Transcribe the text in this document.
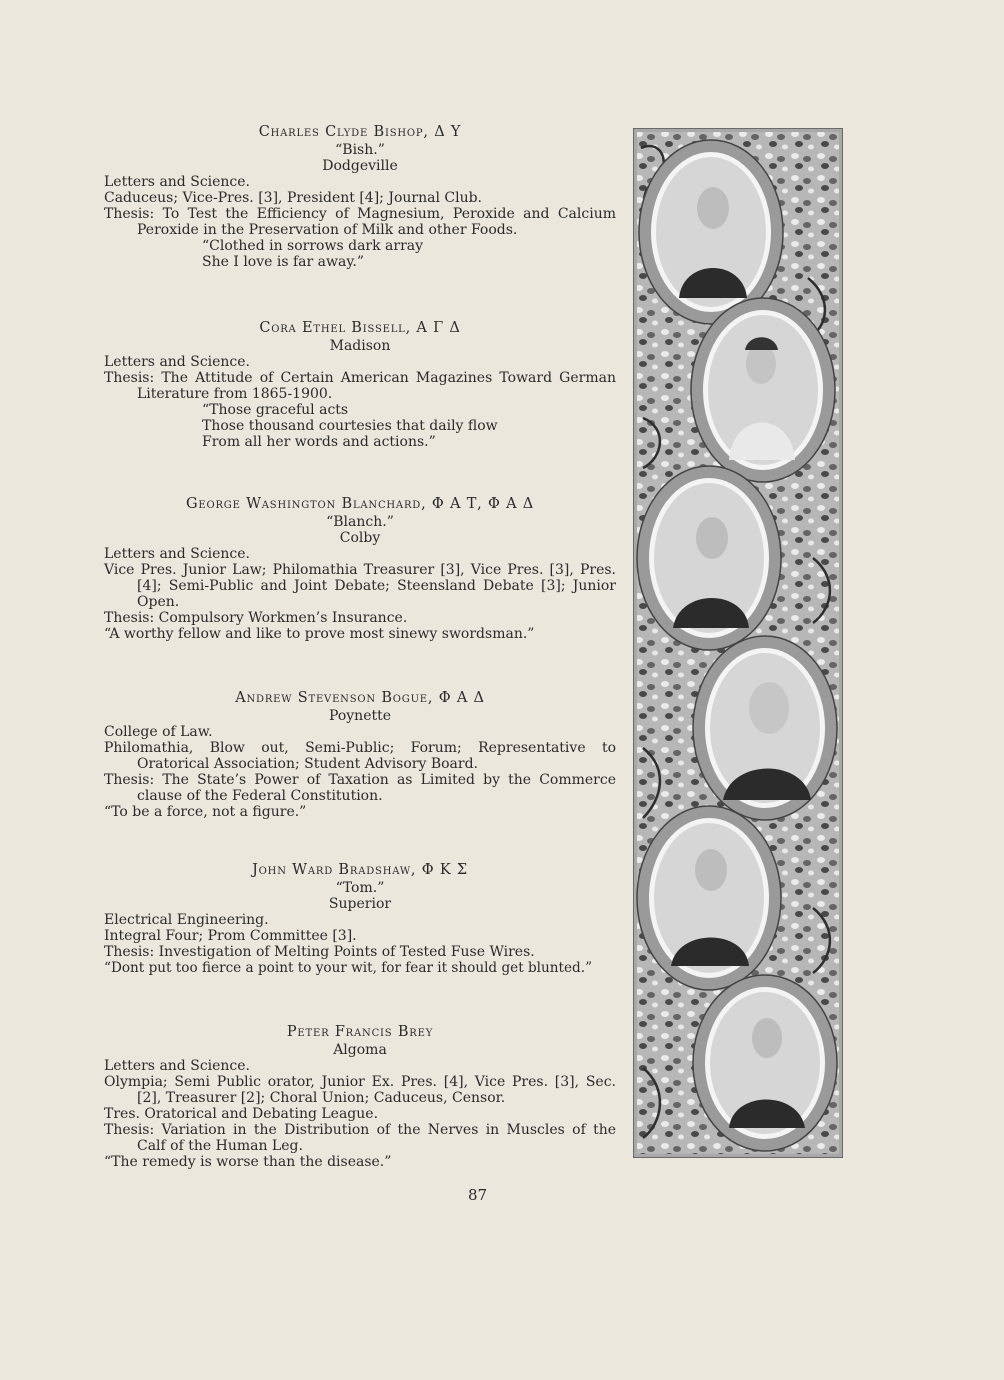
Charles Clyde Bishop, Δ Υ
“Bish.”
Dodgeville
Letters and Science.
Caduceus; Vice-Pres. [3], President [4]; Journal Club.
Thesis: To Test the Efficiency of Magnesium, Peroxide and Calcium Peroxide in the Preservation of Milk and other Foods.
“Clothed in sorrows dark array
She I love is far away.”
Cora Ethel Bissell, Α Γ Δ
Madison
Letters and Science.
Thesis: The Attitude of Certain American Magazines Toward German Literature from 1865-1900.
“Those graceful acts
Those thousand courtesies that daily flow
From all her words and actions.”
George Washington Blanchard, Φ Α Τ, Φ Α Δ
“Blanch.”
Colby
Letters and Science.
Vice Pres. Junior Law; Philomathia Treasurer [3], Vice Pres. [3], Pres. [4]; Semi-Public and Joint Debate; Steensland Debate [3]; Junior Open.
Thesis: Compulsory Workmen’s Insurance.
“A worthy fellow and like to prove most sinewy swordsman.”
Andrew Stevenson Bogue, Φ Α Δ
Poynette
College of Law.
Philomathia, Blow out, Semi-Public; Forum; Representative to Oratorical Association; Student Advisory Board.
Thesis: The State’s Power of Taxation as Limited by the Commerce clause of the Federal Constitution.
“To be a force, not a figure.”
John Ward Bradshaw, Φ Κ Σ
“Tom.”
Superior
Electrical Engineering.
Integral Four; Prom Committee [3].
Thesis: Investigation of Melting Points of Tested Fuse Wires.
“Dont put too fierce a point to your wit, for fear it should get blunted.”
Peter Francis Brey
Algoma
Letters and Science.
Olympia; Semi Public orator, Junior Ex. Pres. [4], Vice Pres. [3], Sec. [2], Treasurer [2]; Choral Union; Caduceus, Censor.
Tres. Oratorical and Debating League.
Thesis: Variation in the Distribution of the Nerves in Muscles of the Calf of the Human Leg.
“The remedy is worse than the disease.”
87
